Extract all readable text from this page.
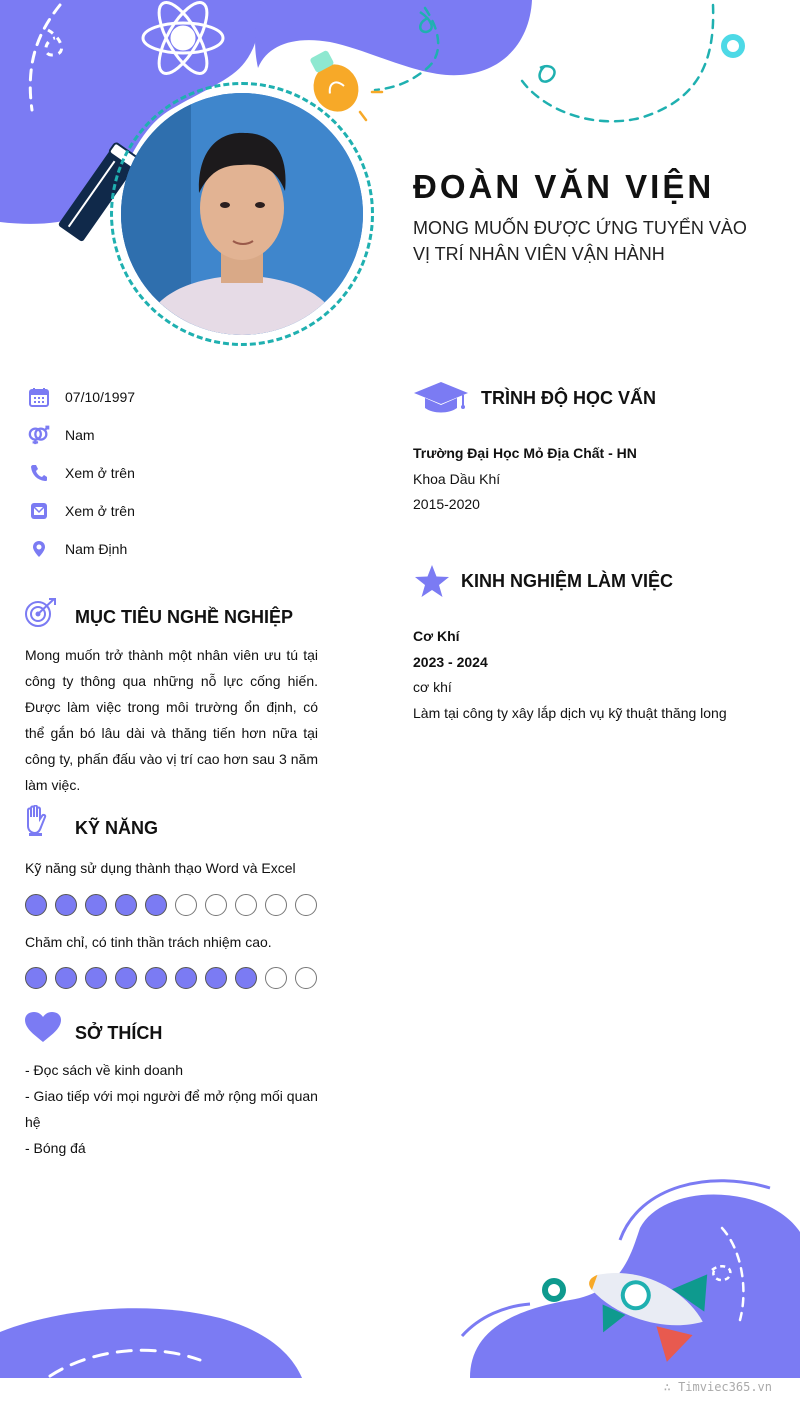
ĐOÀN VĂN VIỆN
MONG MUỐN ĐƯỢC ỨNG TUYỂN VÀO VỊ TRÍ NHÂN VIÊN VẬN HÀNH
07/10/1997
Nam
Xem ở trên
Xem ở trên
Nam Định
MỤC TIÊU NGHỀ NGHIỆP
Mong muốn trở thành một nhân viên ưu tú tại công ty thông qua những nỗ lực cống hiến. Được làm việc trong môi trường ổn định, có thể gắn bó lâu dài và thăng tiến hơn nữa tại công ty, phấn đấu vào vị trí cao hơn sau 3 năm làm việc.
KỸ NĂNG
Kỹ năng sử dụng thành thạo Word và Excel
Chăm chỉ, có tinh thần trách nhiệm cao.
SỞ THÍCH
- Đọc sách về kinh doanh
- Giao tiếp với mọi người để mở rộng mối quan hệ
- Bóng đá
TRÌNH ĐỘ HỌC VẤN
Trường Đại Học Mỏ Địa Chất - HN
Khoa Dầu Khí
2015-2020
KINH NGHIỆM LÀM VIỆC
Cơ Khí
2023 - 2024
cơ khí
Làm tại công ty xây lắp dịch vụ kỹ thuật thăng long
∴ Timviec365.vn
